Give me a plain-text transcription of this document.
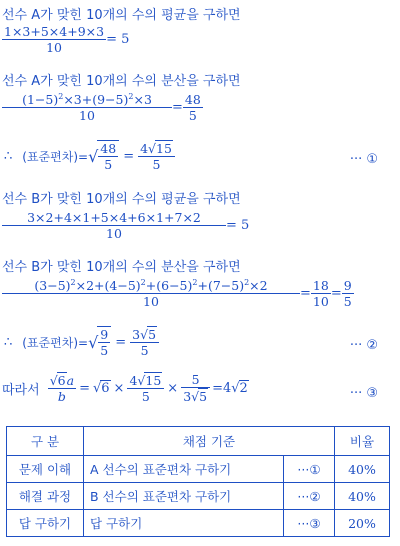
선수 A가 맞힌 10개의 수의 평균을 구하면
$\frac{1\times 3+5\times 4+9\times 3}{10} = 5$
선수 A가 맞힌 10개의 수의 분산을 구하면
$\frac{(1-5)^2\times 3+(9-5)^2\times 3}{10} = \frac{48}{5}$
∴ (표준편차)= √ $\frac{48}{5} = \frac{4√15}{5}$	··· ①
선수 B가 맞힌 10개의 수의 평균을 구하면
$\frac{3\times 2+4\times 1+5\times 4+6\times 1+7\times 2}{10} = 5$
선수 B가 맞힌 10개의 수의 분산을 구하면
$\frac{(3-5)^2\times 2+(4-5)^2+(6-5)^2+(7-5)^2\times 2}{10} = \frac{18}{10} = \frac{9}{5}$
∴ (표준편차)= √ $\frac{9}{5} = \frac{3√5}{5}$	··· ②
따라서 $\frac{√6a}{b} = √6 \times \frac{4√15}{5} \times \frac{5}{3√5} =4$ √2	··· ③
구 분	채점 기준		비율
문제 이해	A 선수의 표준편차 구하기	···①	40%
해결 과정	B 선수의 표준편차 구하기	···②	40%
답 구하기	답 구하기	···③	20%
